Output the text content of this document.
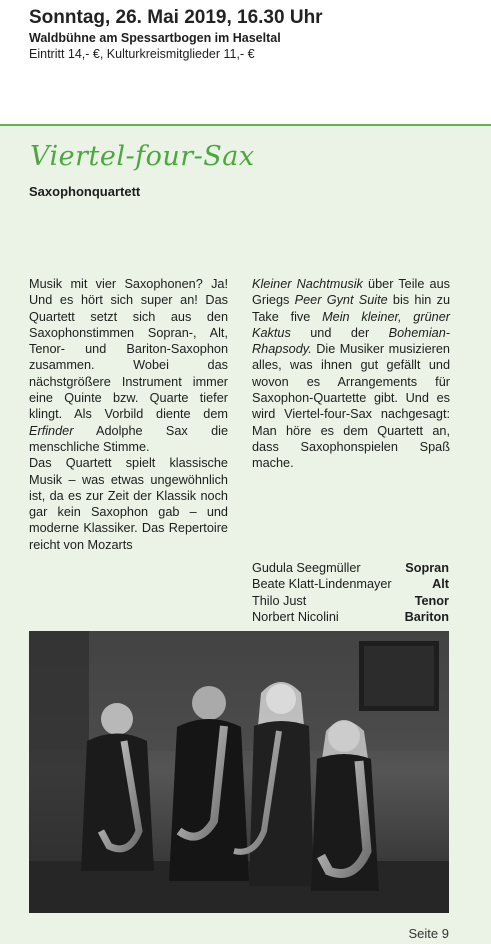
Sonntag, 26. Mai 2019, 16.30 Uhr
Waldbühne am Spessartbogen im Haseltal
Eintritt 14,- €, Kulturkreismitglieder 11,- €
Viertel-four-Sax
Saxophonquartett

Musik mit vier Saxophonen? Ja! Und es hört sich super an! Das Quartett setzt sich aus den Saxophonstimmen Sopran-, Alt, Tenor- und Bariton-Saxophon zusammen. Wobei das nächstgrößere Instrument immer eine Quinte bzw. Quarte tiefer klingt. Als Vorbild diente dem Erfinder Adolphe Sax die menschliche Stimme.

Das Quartett spielt klassische Musik – was etwas ungewöhnlich ist, da es zur Zeit der Klassik noch gar kein Saxophon gab – und moderne Klassiker. Das Repertoire reicht von Mozarts

Kleiner Nachtmusik über Teile aus Griegs Peer Gynt Suite bis hin zu Take five Mein kleiner, grüner Kaktus und der Bohemian- Rhapsody. Die Musiker musizieren alles, was ihnen gut gefällt und wovon es Arrangements für Saxophon-Quartette gibt. Und es wird Viertel-four-Sax nachgesagt: Man höre es dem Quartett an, dass Saxophonspielen Spaß mache.

Gudula Seegmüller	Sopran
Beate Klatt-Lindenmayer	Alt
Thilo Just	Tenor
Norbert Nicolini	Bariton
Seite 9
